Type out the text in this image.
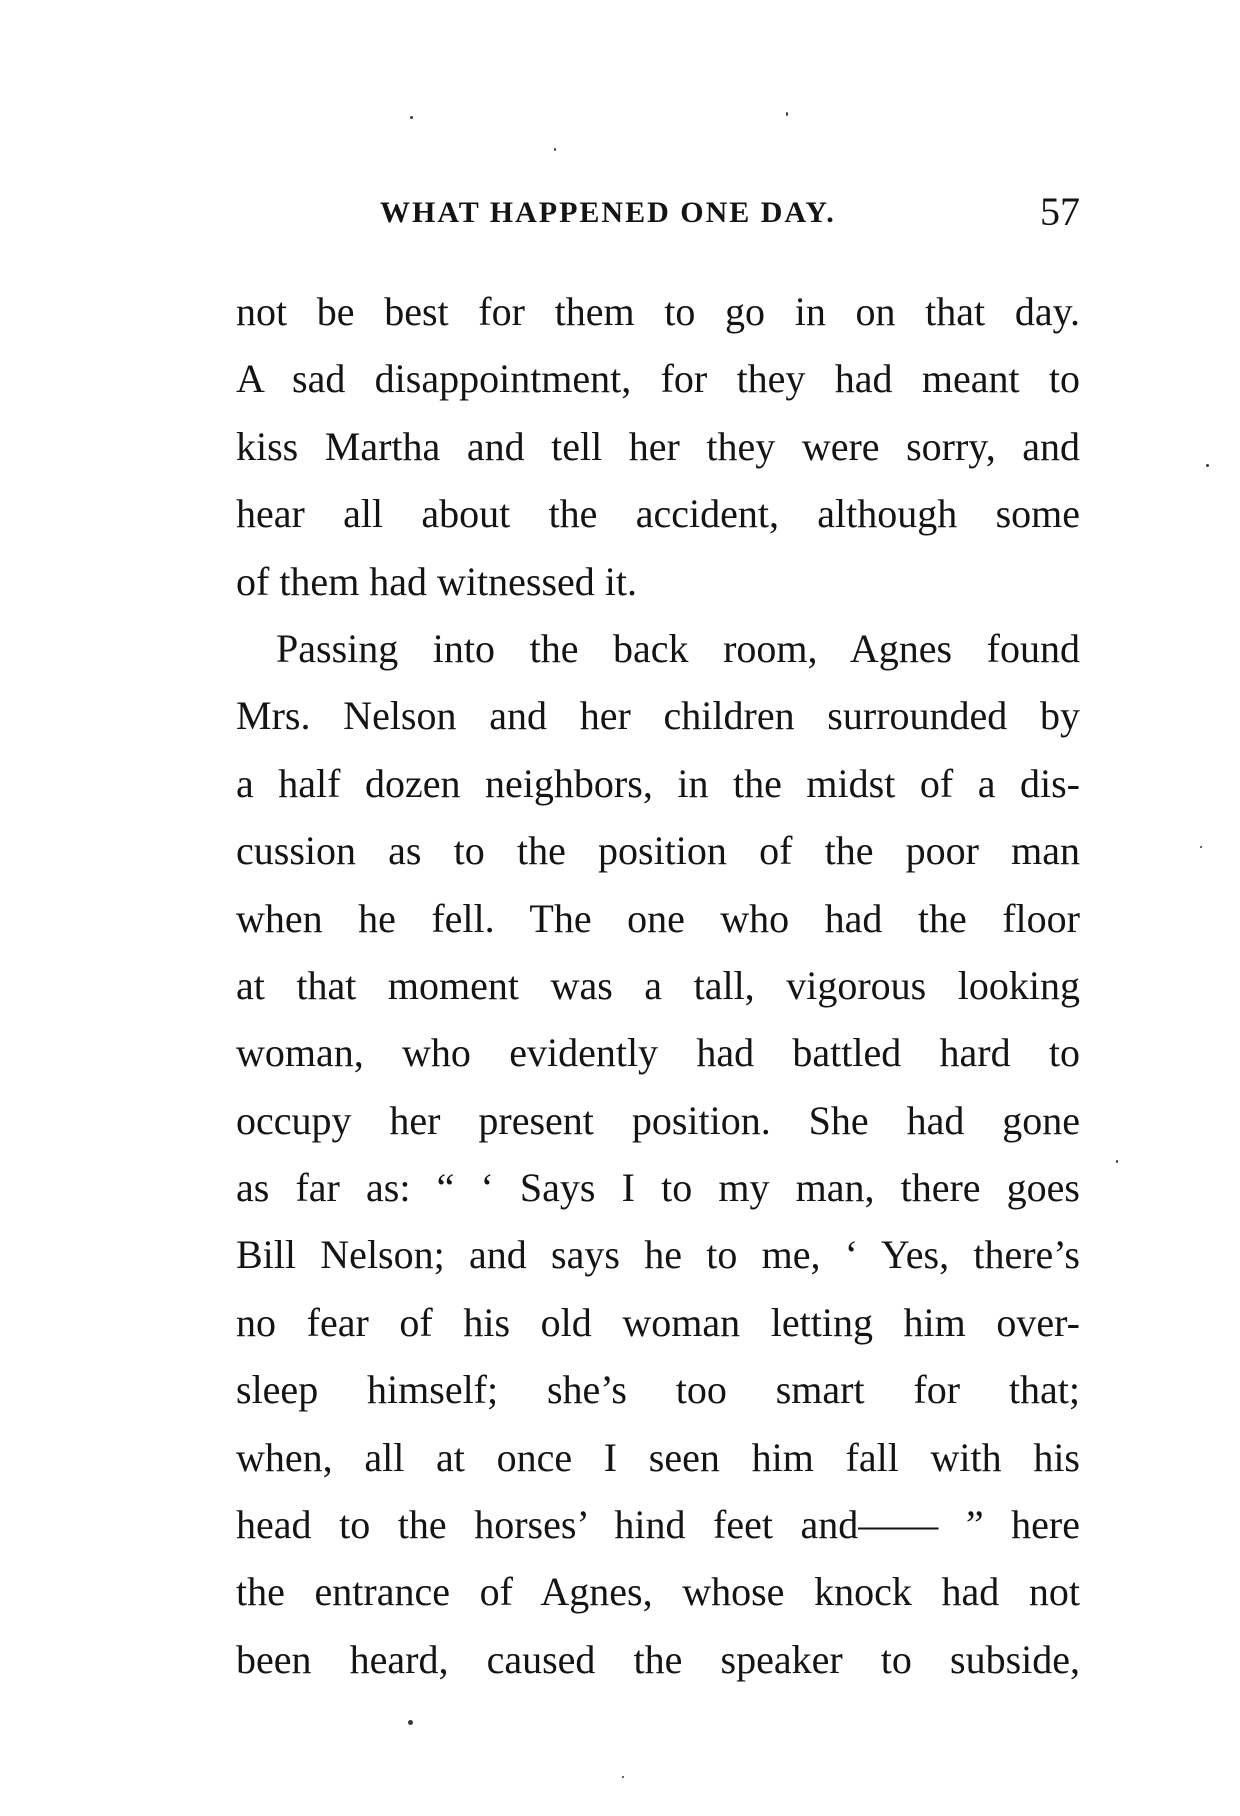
WHAT HAPPENED ONE DAY.	57
not be best for them to go in on that day.
A sad disappointment, for they had meant to
kiss Martha and tell her they were sorry, and
hear all about the accident, although some
of them had witnessed it.
Passing into the back room, Agnes found
Mrs. Nelson and her children surrounded by
a half dozen neighbors, in the midst of a dis-
cussion as to the position of the poor man
when he fell. The one who had the floor
at that moment was a tall, vigorous looking
woman, who evidently had battled hard to
occupy her present position. She had gone
as far as: “ ‘ Says I to my man, there goes
Bill Nelson; and says he to me, ‘ Yes, there’s
no fear of his old woman letting him over-
sleep himself; she’s too smart for that;
when, all at once I seen him fall with his
head to the horses’ hind feet and—— ” here
the entrance of Agnes, whose knock had not
been heard, caused the speaker to subside,
